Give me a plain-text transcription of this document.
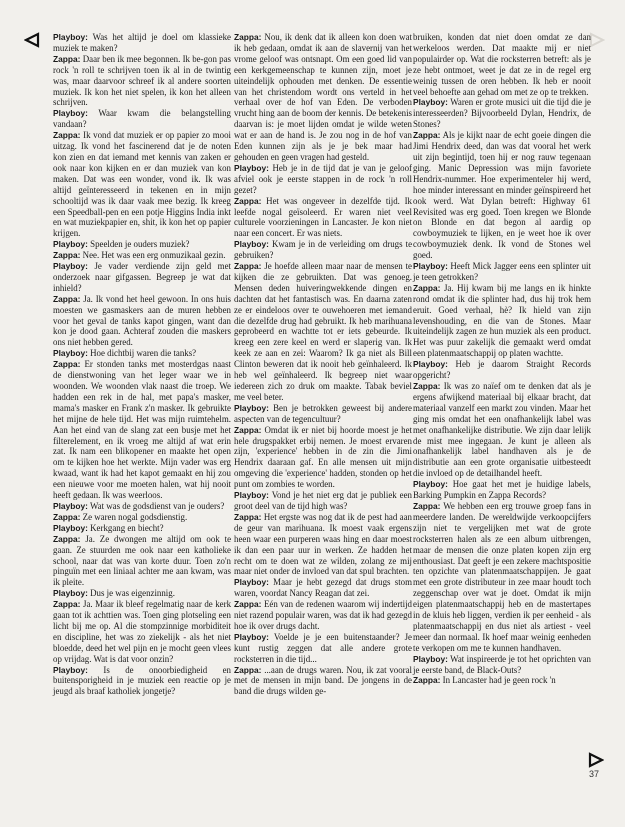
Playboy: Was het altijd je doel om klassieke muziek te maken?

Zappa: Daar ben ik mee begonnen. Ik be-gon pas rock 'n roll te schrijven toen ik al in de twintig was, maar daarvoor schreef ik al andere soorten muziek. Ik kon het niet spelen, ik kon het alleen schrijven.

Playboy: Waar kwam die belangstelling vandaan?

Zappa: Ik vond dat muziek er op papier zo mooi uitzag. Ik vond het fascinerend dat je de noten kon zien en dat iemand met kennis van zaken er ook naar kon kijken en er dan muziek van kon maken. Dat was een wonder, vond ik. Ik was altijd geïnteresseerd in tekenen en in mijn schooltijd was ik daar vaak mee bezig. Ik kreeg een Speedball-pen en een potje Higgins India inkt en wat muziekpapier en, shit, ik kon het op papier krijgen.

Playboy: Speelden je ouders muziek?

Zappa: Nee. Het was een erg onmuzikaal gezin.

Playboy: Je vader verdiende zijn geld met onderzoek naar gifgassen. Begreep je wat dat inhield?

Zappa: Ja. Ik vond het heel gewoon. In ons huis moesten we gasmaskers aan de muren hebben voor het geval de tanks kapot gingen, want dan kon je dood gaan. Achteraf zouden die maskers ons niet hebben gered.

Playboy: Hoe dichtbij waren die tanks?

Zappa: Er stonden tanks met mosterdgas naast de dienstwoning van het leger waar we in woonden. We woonden vlak naast die troep. We hadden een rek in de hal, met papa's masker, mama's masker en Frank z'n masker. Ik gebruikte het mijne de hele tijd. Het was mijn ruimtehelm. Aan het eind van de slang zat een busje met het filterelement, en ik vroeg me altijd af wat erin zat. Ik nam een blikopener en maakte het open om te kijken hoe het werkte. Mijn vader was erg kwaad, want ik had het kapot gemaakt en hij zou een nieuwe voor me moeten halen, wat hij nooit heeft gedaan. Ik was weerloos.

Playboy: Wat was de godsdienst van je ouders?

Zappa: Ze waren nogal godsdienstig.

Playboy: Kerkgang en biecht?

Zappa: Ja. Ze dwongen me altijd om ook te gaan. Ze stuurden me ook naar een katholieke school, naar dat was van korte duur. Toen zo'n pinguïn met een liniaal achter me aan kwam, was ik pleite.

Playboy: Dus je was eigenzinnig.

Zappa: Ja. Maar ik bleef regelmatig naar de kerk gaan tot ik achttien was. Toen ging plotseling een licht bij me op. Al die stompzinnige morbiditeit en discipline, het was zo ziekelijk - als het niet bloedde, deed het wel pijn en je mocht geen vlees op vrijdag. Wat is dat voor onzin?

Playboy: Is de onoorbiedigheid en buitensporigheid in je muziek een reactie op je jeugd als braaf katholiek jongetje?

Zappa: Nou, ik denk dat ik alleen kon doen wat ik heb gedaan, omdat ik aan de slavernij van het vrome geloof was ontsnapt. Om een goed lid van een kerkgemeenschap te kunnen zijn, moet je uiteindelijk ophouden met denken. De essentie van het christendom wordt ons verteld in het verhaal over de hof van Eden. De verboden vrucht hing aan de boom der kennis. De betekenis daarvan is: je moet lijden omdat je wilde weten wat er aan de hand is. Je zou nog in de hof van Eden kunnen zijn als je je bek maar had gehouden en geen vragen had gesteld.

Playboy: Heb je in de tijd dat je van je geloof afviel ook je eerste stappen in de rock 'n roll gezet?

Zappa: Het was ongeveer in dezelfde tijd. Ik leefde nogal geïsoleerd. Er waren niet veel culturele voorzieningen in Lancaster. Je kon niet naar een concert. Er was niets.

Playboy: Kwam je in de verleiding om drugs te gebruiken?

Zappa: Je hoefde alleen maar naar de mensen te kijken die ze gebruikten. Dat was genoeg. Mensen deden huiveringwekkende dingen en dachten dat het fantastisch was. En daarna zaten ze er eindeloos over te ouwehoeren met iemand die dezelfde drug had gebruikt. Ik heb marihuana geprobeerd en wachtte tot er iets gebeurde. Ik kreeg een zere keel en werd er slaperig van. Ik keek ze aan en zei: Waarom? Ik ga niet als Bill Clinton beweren dat ik nooit heb geïnhaleerd. Ik heb wel geïnhaleerd. Ik begreep niet waar iedereen zich zo druk om maakte. Tabak beviel me veel beter.

Playboy: Ben je betrokken geweest bij andere aspecten van de tegencultuur?

Zappa: Omdat ik er niet bij hoorde moest je het hele drugspakket erbij nemen. Je moest ervaren zijn, 'experience' hebben in de zin die Jimi Hendrix daaraan gaf. En alle mensen uit mijn omgeving die 'experience' hadden, stonden op het punt om zombies te worden.

Playboy: Vond je het niet erg dat je publiek een groot deel van de tijd high was?

Zappa: Het ergste was nog dat ik de pest had aan de geur van marihuana. Ik moest vaak ergens heen waar een purperen waas hing en daar moest ik dan een paar uur in werken. Ze hadden het recht om te doen wat ze wilden, zolang ze mij maar niet onder de invloed van dat spul brachten.

Playboy: Maar je hebt gezegd dat drugs stom waren, voordat Nancy Reagan dat zei.

Zappa: Eén van de redenen waarom wij indertijd niet razend populair waren, was dat ik had gezegd hoe ik over drugs dacht.

Playboy: Voelde je je een buitenstaander? Je kunt rustig zeggen dat alle andere grote rocksterren in die tijd...

Zappa: ...aan de drugs waren. Nou, ik zat vooral met de mensen in mijn band. De jongens in de band die drugs wilden ge-

bruiken, konden dat niet doen omdat ze dan werkeloos werden. Dat maakte mij er niet populairder op. Wat die rocksterren betreft: als je ze hebt ontmoet, weet je dat ze in de regel erg weinig tussen de oren hebben. Ik heb er nooit veel behoefte aan gehad om met ze op te trekken.

Playboy: Waren er grote musici uit die tijd die je interesseerden? Bijvoorbeeld Dylan, Hendrix, de Stones?

Zappa: Als je kijkt naar de echt goeie dingen die Jimi Hendrix deed, dan was dat vooral het werk uit zijn begintijd, toen hij er nog rauw tegenaan ging. Manic Depression was mijn favoriete Hendrix-nummer. Hoe experimenteler hij werd, hoe minder interessant en minder geïnspireerd het ook werd. Wat Dylan betreft: Highway 61 Revisited was erg goed. Toen kregen we Blonde on Blonde en dat begon al aardig op cowboymuziek te lijken, en je weet hoe ik over cowboymuziek denk. Ik vond de Stones wel goed.

Playboy: Heeft Mick Jagger eens een splinter uit je teen getrokken?

Zappa: Ja. Hij kwam bij me langs en ik hinkte rond omdat ik die splinter had, dus hij trok hem eruit. Goed verhaal, hè? Ik hield van zijn levenshouding, en die van de Stones. Maar uiteindelijk zagen ze hun muziek als een product. Het was puur zakelijk die gemaakt werd omdat een platenmaatschappij op platen wachtte.

Playboy: Heb je daarom Straight Records opgericht?

Zappa: Ik was zo naïef om te denken dat als je ergens afwijkend materiaal bij elkaar bracht, dat materiaal vanzelf een markt zou vinden. Maar het ging mis omdat het een onafhankelijk label was met onafhankelijke distributie. We zijn daar lelijk de mist mee ingegaan. Je kunt je alleen als onafhankelijk label handhaven als je de distributie aan een grote organisatie uitbesteedt die invloed op de detailhandel heeft.

Playboy: Hoe gaat het met je huidige labels, Barking Pumpkin en Zappa Records?

Zappa: We hebben een erg trouwe groep fans in meerdere landen. De wereldwijde verkoopcijfers zijn niet te vergelijken met wat de grote rocksterren halen als ze een album uitbrengen, maar de mensen die onze platen kopen zijn erg enthousiast. Dat geeft je een zekere machtspositie ten opzichte van platenmaatschappijen. Je gaat met een grote distributeur in zee maar houdt toch zeggenschap over wat je doet. Omdat ik mijn eigen platenmaatschappij heb en de mastertapes in de kluis heb liggen, verdien ik per eenheid - als platenmaatschappij en dus niet als artiest - veel meer dan normaal. Ik hoef maar weinig eenheden te verkopen om me te kunnen handhaven.

Playboy: Wat inspireerde je tot het oprichten van je eerste band, de Black-Outs?

Zappa: In Lancaster had je geen rock 'n

37
